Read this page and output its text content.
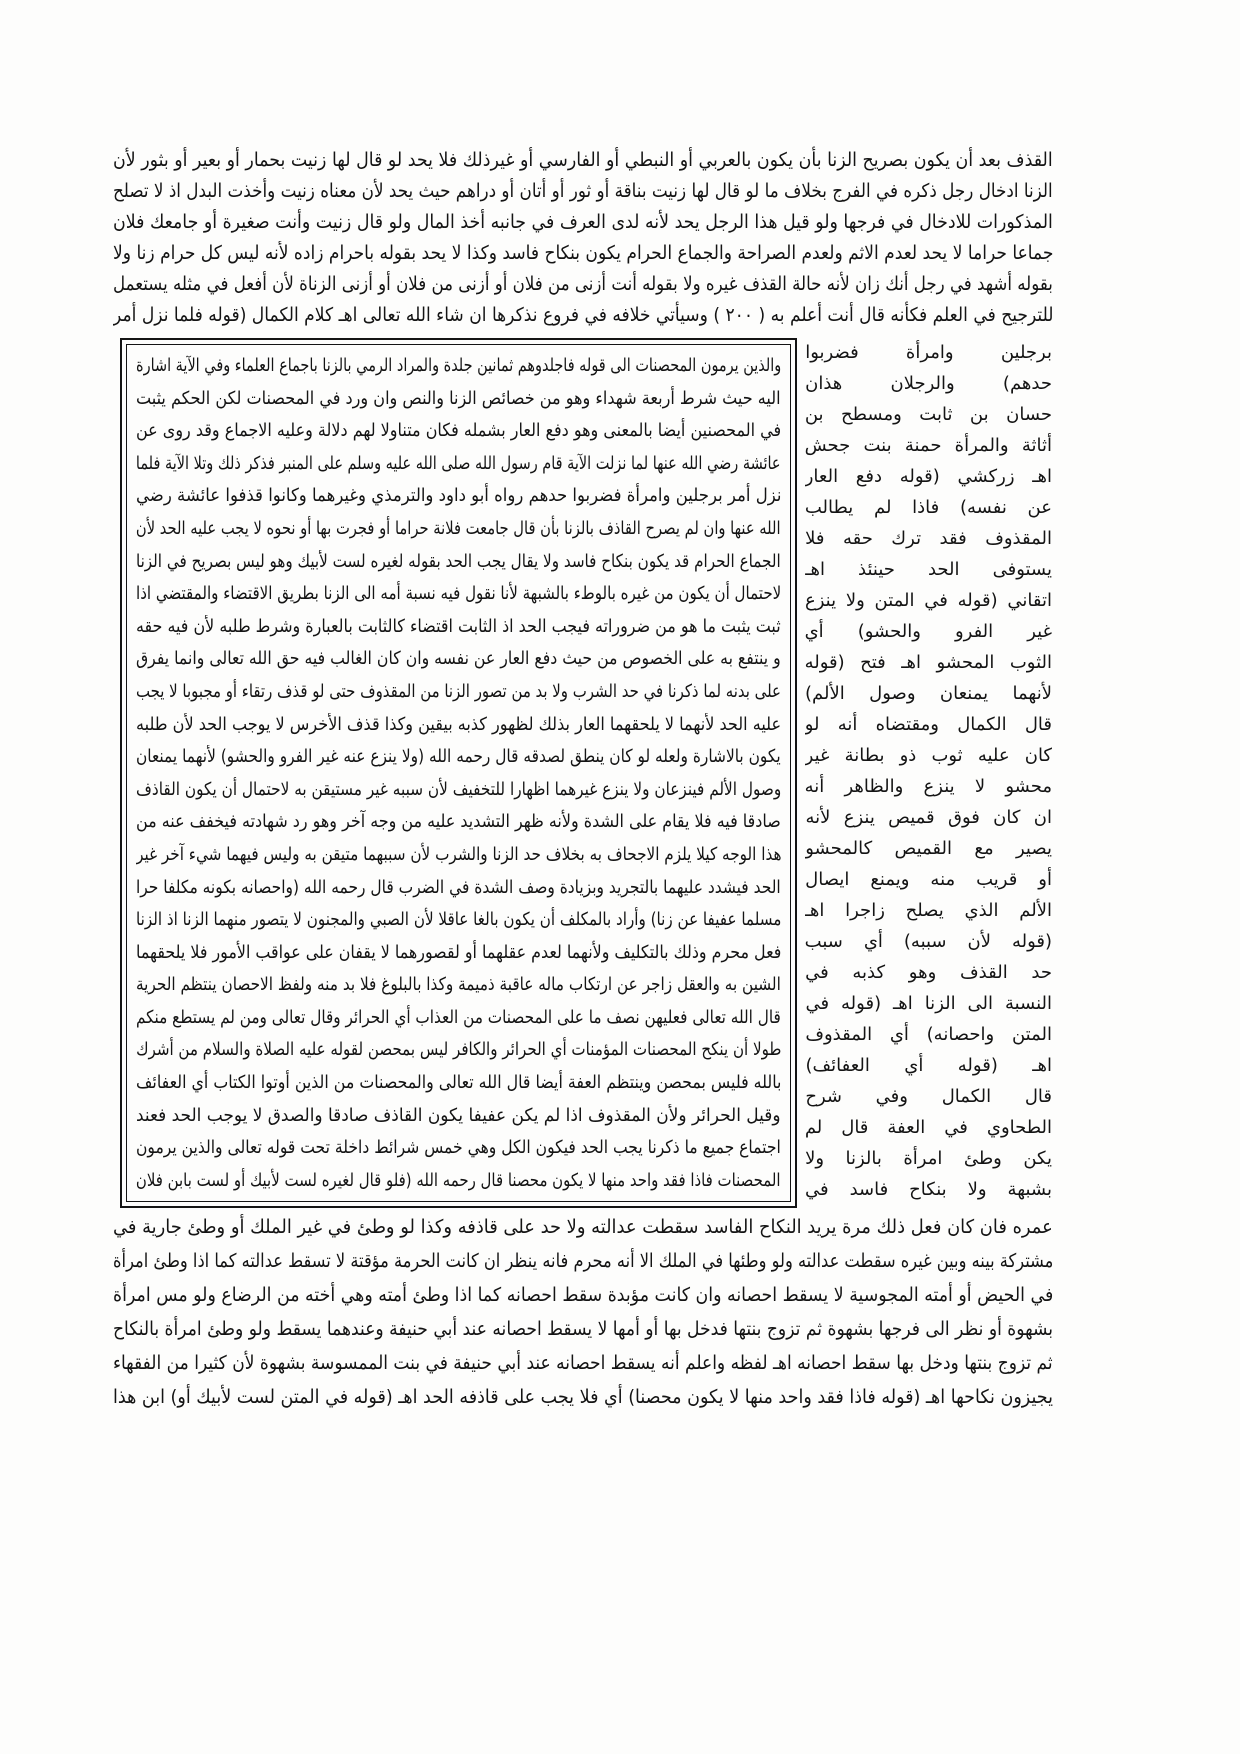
القذف بعد أن يكون بصريح الزنا بأن يكون بالعربي أو النبطي أو الفارسي أو غيرذلك فلا يحد لو قال لها زنيت بحمار أو بعير أو بثور لأن
الزنا ادخال رجل ذكره في الفرج بخلاف ما لو قال لها زنيت بناقة أو ثور أو أتان أو دراهم حيث يحد لأن معناه زنيت وأخذت البدل اذ لا تصلح
المذكورات للادخال في فرجها ولو قيل هذا الرجل يحد لأنه لدى العرف في جانبه أخذ المال ولو قال زنيت وأنت صغيرة أو جامعك فلان
جماعا حراما لا يحد لعدم الاثم ولعدم الصراحة والجماع الحرام يكون بنكاح فاسد وكذا لا يحد بقوله باحرام زاده لأنه ليس كل حرام زنا ولا
بقوله أشهد في رجل أنك زان لأنه حالة القذف غيره ولا بقوله أنت أزنى من فلان أو أزنى من فلان أو أزنى الزناة لأن أفعل في مثله يستعمل
للترجيح في العلم فكأنه قال أنت أعلم به ( ٢٠٠ ) وسيأتي خلافه في فروع نذكرها ان شاء الله تعالى اهـ كلام الكمال (قوله فلما نزل أمر
والذين يرمون المحصنات الى قوله فاجلدوهم ثمانين جلدة والمراد الرمي بالزنا باجماع العلماء وفي الآية اشارة
اليه حيث شرط أربعة شهداء وهو من خصائص الزنا والنص وان ورد في المحصنات لكن الحكم يثبت
في المحصنين أيضا بالمعنى وهو دفع العار بشمله فكان متناولا لهم دلالة وعليه الاجماع وقد روى عن
عائشة رضي الله عنها لما نزلت الآية قام رسول الله صلى الله عليه وسلم على المنبر فذكر ذلك وتلا الآية فلما
نزل أمر برجلين وامرأة فضربوا حدهم رواه أبو داود والترمذي وغيرهما وكانوا قذفوا عائشة رضي
الله عنها وان لم يصرح القاذف بالزنا بأن قال جامعت فلانة حراما أو فجرت بها أو نحوه لا يجب عليه الحد لأن
الجماع الحرام قد يكون بنكاح فاسد ولا يقال يجب الحد بقوله لغيره لست لأبيك وهو ليس بصريح في الزنا
لاحتمال أن يكون من غيره بالوطء بالشبهة لأنا نقول فيه نسبة أمه الى الزنا بطريق الاقتضاء والمقتضي اذا
ثبت يثبت ما هو من ضروراته فيجب الحد اذ الثابت اقتضاء كالثابت بالعبارة وشرط طلبه لأن فيه حقه
و ينتفع به على الخصوص من حيث دفع العار عن نفسه وان كان الغالب فيه حق الله تعالى وانما يفرق
على بدنه لما ذكرنا في حد الشرب ولا بد من تصور الزنا من المقذوف حتى لو قذف رتقاء أو مجبوبا لا يجب
عليه الحد لأنهما لا يلحقهما العار بذلك لظهور كذبه بيقين وكذا قذف الأخرس لا يوجب الحد لأن طلبه
يكون بالاشارة ولعله لو كان ينطق لصدقه قال رحمه الله (ولا ينزع عنه غير الفرو والحشو) لأنهما يمنعان
وصول الألم فينزعان ولا ينزع غيرهما اظهارا للتخفيف لأن سببه غير مستيقن به لاحتمال أن يكون القاذف
صادقا فيه فلا يقام على الشدة ولأنه ظهر التشديد عليه من وجه آخر وهو رد شهادته فيخفف عنه من
هذا الوجه كيلا يلزم الاجحاف به بخلاف حد الزنا والشرب لأن سببهما متيقن به وليس فيهما شيء آخر غير
الحد فيشدد عليهما بالتجريد وبزيادة وصف الشدة في الضرب قال رحمه الله (واحصانه بكونه مكلفا حرا
مسلما عفيفا عن زنا) وأراد بالمكلف أن يكون بالغا عاقلا لأن الصبي والمجنون لا يتصور منهما الزنا اذ الزنا
فعل محرم وذلك بالتكليف ولأنهما لعدم عقلهما أو لقصورهما لا يقفان على عواقب الأمور فلا يلحقهما
الشين به والعقل زاجر عن ارتكاب ماله عاقبة ذميمة وكذا بالبلوغ فلا بد منه ولفظ الاحصان ينتظم الحرية
قال الله تعالى فعليهن نصف ما على المحصنات من العذاب أي الحرائر وقال تعالى ومن لم يستطع منكم
طولا أن ينكح المحصنات المؤمنات أي الحرائر والكافر ليس بمحصن لقوله عليه الصلاة والسلام من أشرك
بالله فليس بمحصن وينتظم العفة أيضا قال الله تعالى والمحصنات من الذين أوتوا الكتاب أي العفائف
وقيل الحرائر ولأن المقذوف اذا لم يكن عفيفا يكون القاذف صادقا والصدق لا يوجب الحد فعند
اجتماع جميع ما ذكرنا يجب الحد فيكون الكل وهي خمس شرائط داخلة تحت قوله تعالى والذين يرمون
المحصنات فاذا فقد واحد منها لا يكون محصنا قال رحمه الله (فلو قال لغيره لست لأبيك أو لست بابن فلان
برجلين وامرأة فضربوا
حدهم) والرجلان هذان
حسان بن ثابت ومسطح بن
أثاثة والمرأة حمنة بنت جحش
اهـ زركشي (قوله دفع العار
عن نفسه) فاذا لم يطالب
المقذوف فقد ترك حقه فلا
يستوفى الحد حينئذ اهـ
اتقاني (قوله في المتن ولا ينزع
غير الفرو والحشو) أي
الثوب المحشو اهـ فتح (قوله
لأنهما يمنعان وصول الألم)
قال الكمال ومقتضاه أنه لو
كان عليه ثوب ذو بطانة غير
محشو لا ينزع والظاهر أنه
ان كان فوق قميص ينزع لأنه
يصير مع القميص كالمحشو
أو قريب منه ويمنع ايصال
الألم الذي يصلح زاجرا اهـ
(قوله لأن سببه) أي سبب
حد القذف وهو كذبه في
النسبة الى الزنا اهـ (قوله في
المتن واحصانه) أي المقذوف
اهـ (قوله أي العفائف)
قال الكمال وفي شرح
الطحاوي في العفة قال لم
يكن وطئ امرأة بالزنا ولا
بشبهة ولا بنكاح فاسد في
عمره فان كان فعل ذلك مرة يريد النكاح الفاسد سقطت عدالته ولا حد على قاذفه وكذا لو وطئ في غير الملك أو وطئ جارية في
مشتركة بينه وبين غيره سقطت عدالته ولو وطئها في الملك الا أنه محرم فانه ينظر ان كانت الحرمة مؤقتة لا تسقط عدالته كما اذا وطئ امرأة
في الحيض أو أمته المجوسية لا يسقط احصانه وان كانت مؤبدة سقط احصانه كما اذا وطئ أمته وهي أخته من الرضاع ولو مس امرأة
بشهوة أو نظر الى فرجها بشهوة ثم تزوج بنتها فدخل بها أو أمها لا يسقط احصانه عند أبي حنيفة وعندهما يسقط ولو وطئ امرأة بالنكاح
ثم تزوج بنتها ودخل بها سقط احصانه اهـ لفظه واعلم أنه يسقط احصانه عند أبي حنيفة في بنت الممسوسة بشهوة لأن كثيرا من الفقهاء
يجيزون نكاحها اهـ (قوله فاذا فقد واحد منها لا يكون محصنا) أي فلا يجب على قاذفه الحد اهـ (قوله في المتن لست لأبيك أو) ابن هذا
